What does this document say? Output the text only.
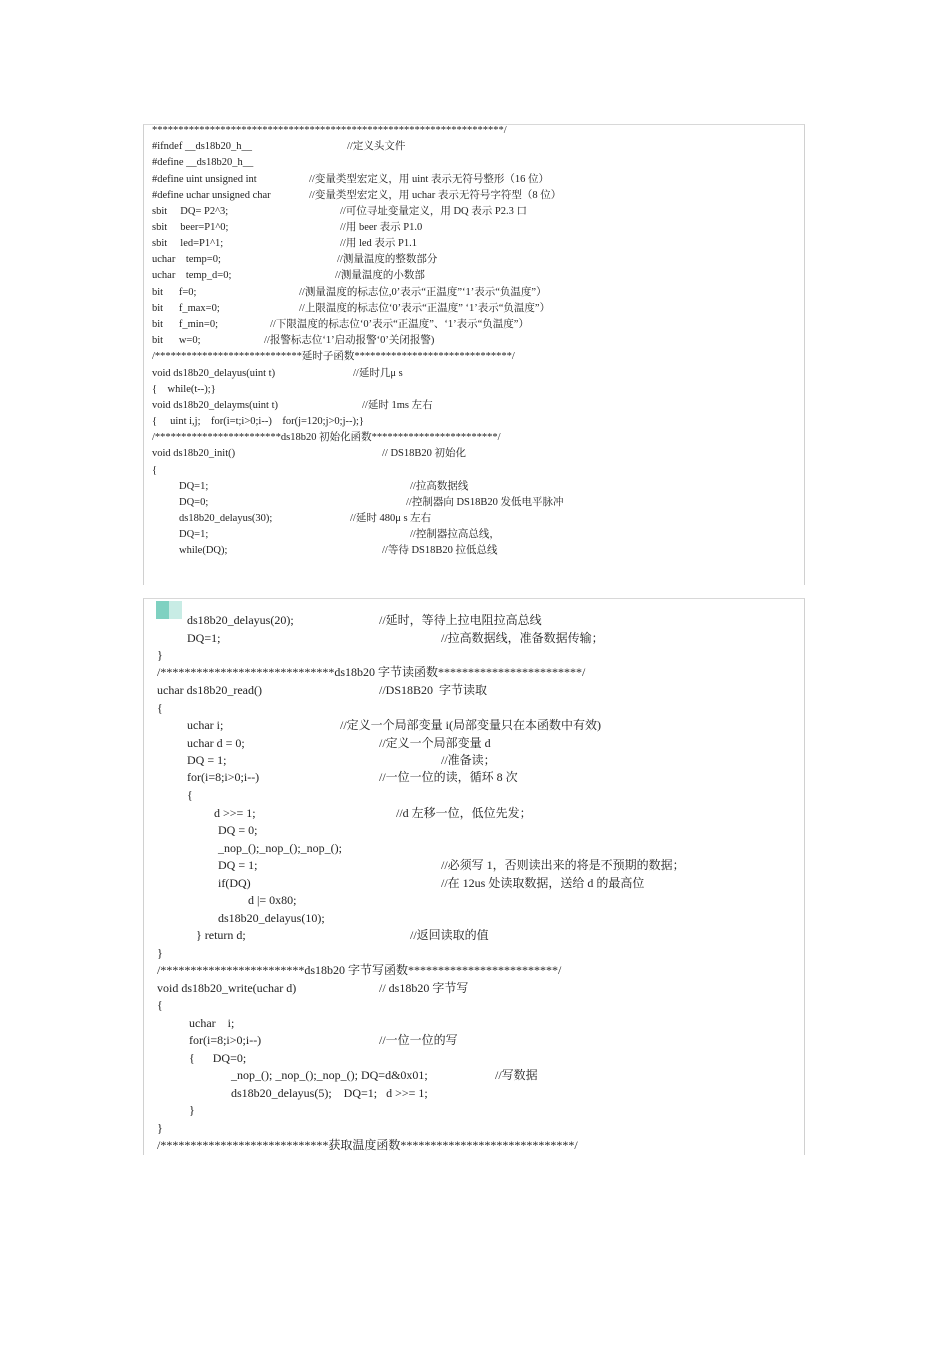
*******************************************************************/
#ifndef __ds18b20_h__	//定义头文件
#define __ds18b20_h__
#define uint unsigned int	//变量类型宏定义，用 uint 表示无符号整形（16 位）
#define uchar unsigned char	//变量类型宏定义，用 uchar 表示无符号字符型（8 位）
sbit     DQ= P2^3;	//可位寻址变量定义，用 DQ 表示 P2.3 口
sbit     beer=P1^0;	//用 beer 表示 P1.0
sbit     led=P1^1;	//用 led 表示 P1.1
uchar    temp=0;	//测量温度的整数部分
uchar    temp_d=0;	//测量温度的小数部
bit      f=0;	//测量温度的标志位,0’表示“正温度”‘1’表示“负温度”）
bit      f_max=0;	//上限温度的标志位‘0’表示“正温度” ‘1’表示“负温度”）
bit      f_min=0;	//下限温度的标志位‘0’表示“正温度”、‘1’表示“负温度”）
bit      w=0;	//报警标志位‘1’启动报警‘0’关闭报警)
/****************************延时子函数******************************/
void ds18b20_delayus(uint t)	//延时几μ s
{    while(t--);}
void ds18b20_delayms(uint t)	//延时 1ms 左右
{     uint i,j;    for(i=t;i>0;i--)    for(j=120;j>0;j--);}
/************************ds18b20 初始化函数************************/
void ds18b20_init()	// DS18B20 初始化
{
DQ=1;	//拉高数据线
DQ=0;	//控制器向 DS18B20 发低电平脉冲
ds18b20_delayus(30);	//延时 480μ s 左右
DQ=1;	//控制器拉高总线，
while(DQ);	//等待 DS18B20 拉低总线
ds18b20_delayus(20);	//延时，等待上拉电阻拉高总线
DQ=1;	//拉高数据线，准备数据传输；
}
/*****************************ds18b20 字节读函数************************/
uchar ds18b20_read()	//DS18B20  字节读取
{
uchar i;	//定义一个局部变量 i(局部变量只在本函数中有效)
uchar d = 0;	//定义一个局部变量 d
DQ = 1;	//准备读；
for(i=8;i>0;i--)	//一位一位的读，循环 8 次
{
d >>= 1;	//d 左移一位，低位先发；
DQ = 0;
_nop_();_nop_();_nop_();
DQ = 1;	//必须写 1，否则读出来的将是不预期的数据；
if(DQ)	//在 12us 处读取数据，送给 d 的最高位
d |= 0x80;
ds18b20_delayus(10);
} return d;	//返回读取的值
}
/************************ds18b20 字节写函数*************************/
void ds18b20_write(uchar d)	// ds18b20 字节写
{
uchar    i;
for(i=8;i>0;i--)	//一位一位的写
{      DQ=0;
_nop_(); _nop_();_nop_(); DQ=d&0x01;	//写数据
ds18b20_delayus(5);    DQ=1;   d >>= 1;
}
}
/****************************获取温度函数*****************************/
